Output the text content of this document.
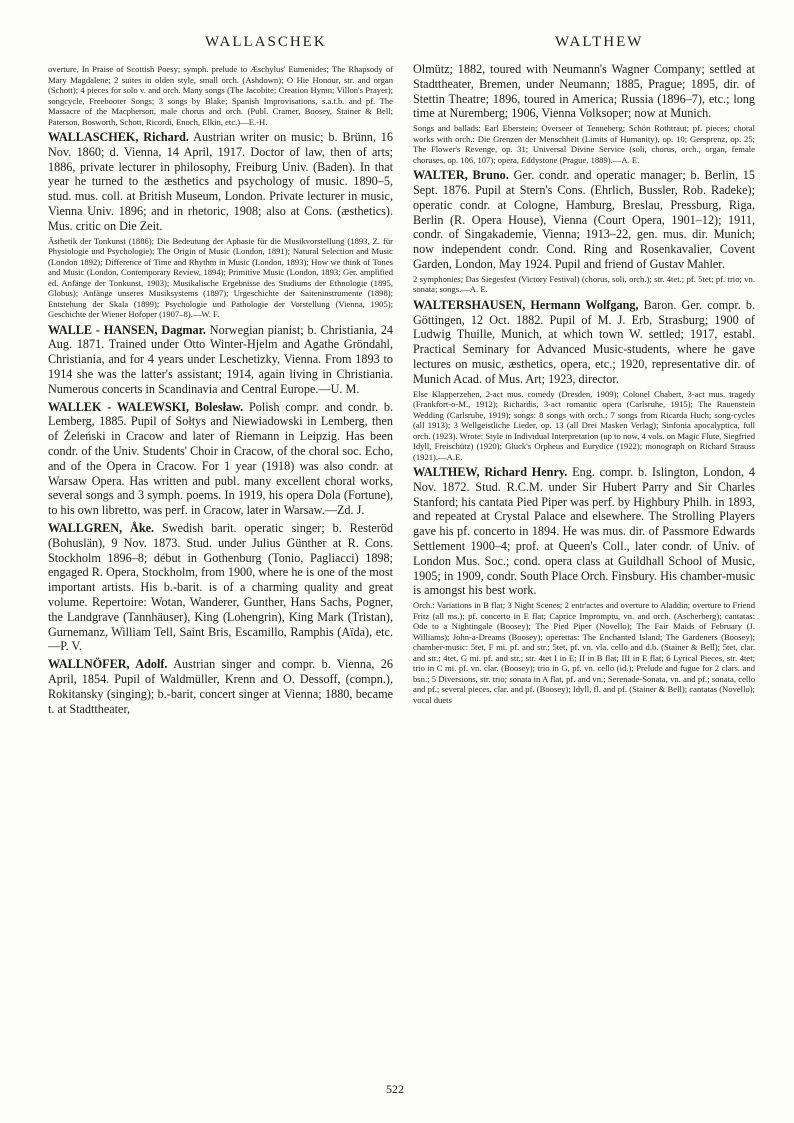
WALLASCHEK	WALTHEW

overture, In Praise of Scottish Poesy; symph. prelude to Æschylus' Eumenides; The Rhapsody of Mary Magdalene; 2 suites in olden style, small orch. (Ashdown); O Hie Honour, str. and organ (Schott); 4 pieces for solo v. and orch. Many songs (The Jacobite; Creation Hymn; Villon's Prayer); songcycle, Freebooter Songs; 3 songs by Blake; Spanish Improvisations, s.a.t.b. and pf. The Massacre of the Macpherson, male chorus and orch. (Publ. Cramer, Boosey, Stainer & Bell; Paterson, Bosworth, Schott, Ricordi, Enoch, Elkin, etc.)—E.-H.

WALLASCHEK, Richard. Austrian writer on music; b. Brünn, 16 Nov. 1860; d. Vienna, 14 April, 1917. Doctor of law, then of arts; 1886, private lecturer in philosophy, Freiburg Univ. (Baden). In that year he turned to the æsthetics and psychology of music. 1890–5, stud. mus. coll. at British Museum, London. Private lecturer in music, Vienna Univ. 1896; and in rhetoric, 1908; also at Cons. (æsthetics). Mus. critic on Die Zeit.

Ästhetik der Tonkunst (1886); Die Bedeutung der Aphasie für die Musikvorstellung (1893, Z. für Physiologie und Psychologie); The Origin of Music (London, 1891); Natural Selection and Music (London 1892); Difference of Time and Rhythm in Music (London, 1893); How we think of Tones and Music (London, Contemporary Review, 1894); Primitive Music (London, 1893; Ger. amplified ed. Anfänge der Tonkunst, 1903); Musikalische Ergebnisse des Studiums der Ethnologie (1895, Globus); Anfänge unseres Musiksystems (1897); Urgeschichte der Saiteninstrumente (1898); Entstehung der Skala (1899); Psychologie und Pathologie der Vorstellung (Vienna, 1905); Geschichte der Wiener Hofoper (1907–8).—W. F.

WALLE - HANSEN, Dagmar. Norwegian pianist; b. Christiania, 24 Aug. 1871. Trained under Otto Winter-Hjelm and Agathe Gröndahl, Christiania, and for 4 years under Leschetizky, Vienna. From 1893 to 1914 she was the latter's assistant; 1914, again living in Christiania. Numerous concerts in Scandinavia and Central Europe.—U. M.

WALLEK - WALEWSKI, Bolesław. Polish compr. and condr. b. Lemberg, 1885. Pupil of Sołtys and Niewiadowski in Lemberg, then of Żeleński in Cracow and later of Riemann in Leipzig. Has been condr. of the Univ. Students' Choir in Cracow, of the choral soc. Echo, and of the Opera in Cracow. For 1 year (1918) was also condr. at Warsaw Opera. Has written and publ. many excellent choral works, several songs and 3 symph. poems. In 1919, his opera Dola (Fortune), to his own libretto, was perf. in Cracow, later in Warsaw.—Zd. J.

WALLGREN, Åke. Swedish barit. operatic singer; b. Resteröd (Bohuslän), 9 Nov. 1873. Stud. under Julius Günther at R. Cons. Stockholm 1896–8; début in Gothenburg (Tonio, Pagliacci) 1898; engaged R. Opera, Stockholm, from 1900, where he is one of the most important artists. His b.-barit. is of a charming quality and great volume. Repertoire: Wotan, Wanderer, Gunther, Hans Sachs, Pogner, the Landgrave (Tannhäuser), King (Lohengrin), King Mark (Tristan), Gurnemanz, William Tell, Saint Bris, Escamillo, Ramphis (Aïda), etc.—P. V.

WALLNÖFER, Adolf. Austrian singer and compr. b. Vienna, 26 April, 1854. Pupil of Waldmüller, Krenn and O. Dessoff, (compn.), Rokitansky (singing); b.-barit, concert singer at Vienna; 1880, became t. at Stadttheater,

Olmütz; 1882, toured with Neumann's Wagner Company; settled at Stadttheater, Bremen, under Neumann; 1885, Prague; 1895, dir. of Stettin Theatre; 1896, toured in America; Russia (1896–7), etc.; long time at Nuremberg; 1906, Vienna Volksoper; now at Munich.

Songs and ballads: Earl Eberstein; Overseer of Tenneberg; Schön Rothtraut; pf. pieces; choral works with orch.: Die Grenzen der Menschheit (Limits of Humanity), op. 10; Gersprenz, op. 25; The Flower's Revenge, op. 31; Universal Divine Service (soli, chorus, orch., organ, female choruses, op. 106, 107); opera, Eddystone (Prague, 1889).—A. E.

WALTER, Bruno. Ger. condr. and operatic manager; b. Berlin, 15 Sept. 1876. Pupil at Stern's Cons. (Ehrlich, Bussler, Rob. Radeke); operatic condr. at Cologne, Hamburg, Breslau, Pressburg, Riga, Berlin (R. Opera House), Vienna (Court Opera, 1901–12); 1911, condr. of Singakademie, Vienna; 1913–22, gen. mus. dir. Munich; now independent condr. Cond. Ring and Rosenkavalier, Covent Garden, London, May 1924. Pupil and friend of Gustav Mahler.

2 symphonies; Das Siegesfest (Victory Festival) (chorus, soli, orch.); str. 4tet.; pf. 5tet; pf. trio; vn. sonata; songs.—A. E.

WALTERSHAUSEN, Hermann Wolfgang, Baron. Ger. compr. b. Göttingen, 12 Oct. 1882. Pupil of M. J. Erb, Strasburg; 1900 of Ludwig Thuille, Munich, at which town W. settled; 1917, establ. Practical Seminary for Advanced Music-students, where he gave lectures on music, æsthetics, opera, etc.; 1920, representative dir. of Munich Acad. of Mus. Art; 1923, director.

Else Klapperzehen, 2-act mus. comedy (Dresden, 1909); Colonel Chabert, 3-act mus. tragedy (Frankfort-o-M., 1912); Richardis, 3-act romantic opera (Carlsruhe, 1915); The Rauenstein Wedding (Carlsruhe, 1919); songs: 8 songs with orch.; 7 songs from Ricarda Huch; song-cycles (all 1913); 3 Wellgeistliche Lieder, op. 13 (all Drei Masken Verlag); Sinfonia apocalyptica, full orch. (1923). Wrote: Style in Individual Interpretation (up to now, 4 vols. on Magic Flute, Siegfried Idyll, Freischütz) (1920); Gluck's Orpheus and Eurydice (1922); monograph on Richard Strauss (1921).—A.E.

WALTHEW, Richard Henry. Eng. compr. b. Islington, London, 4 Nov. 1872. Stud. R.C.M. under Sir Hubert Parry and Sir Charles Stanford; his cantata Pied Piper was perf. by Highbury Philh. in 1893, and repeated at Crystal Palace and elsewhere. The Strolling Players gave his pf. concerto in 1894. He was mus. dir. of Passmore Edwards Settlement 1900–4; prof. at Queen's Coll., later condr. of Univ. of London Mus. Soc.; cond. opera class at Guildhall School of Music, 1905; in 1909, condr. South Place Orch. Finsbury. His chamber-music is amongst his best work.

Orch.: Variations in B flat; 3 Night Scenes; 2 entr'actes and overture to Aladdin; overture to Friend Fritz (all ms.); pf. concerto in E flat; Caprice Impromptu, vn. and orch. (Ascherberg); cantatas: Ode to a Nightingale (Boosey); The Pied Piper (Novello); The Fair Maids of February (J. Williams); John-a-Dreams (Boosey); operettas: The Enchanted Island; The Gardeners (Boosey); chamber-music: 5tet, F mi. pf. and str.; 5tet, pf. vn. vla. cello and d.b. (Stainer & Bell); 5tet, clar. and str.; 4tet, G mi. pf. and str.; str. 4tet I in E; II in B flat; III in E flat; 6 Lyrical Pieces, str. 4tet; trio in C mi. pf. vn. clar. (Boosey); trio in G, pf. vn. cello (id.); Prelude and fugue for 2 clars. and bsn.; 5 Diversions, str. trio; sonata in A flat, pf. and vn.; Serenade-Sonata, vn. and pf.; sonata, cello and pf.; several pieces, clar. and pf. (Boosey); Idyll, fl. and pf. (Stainer & Bell); cantatas (Novello); vocal duets

522
